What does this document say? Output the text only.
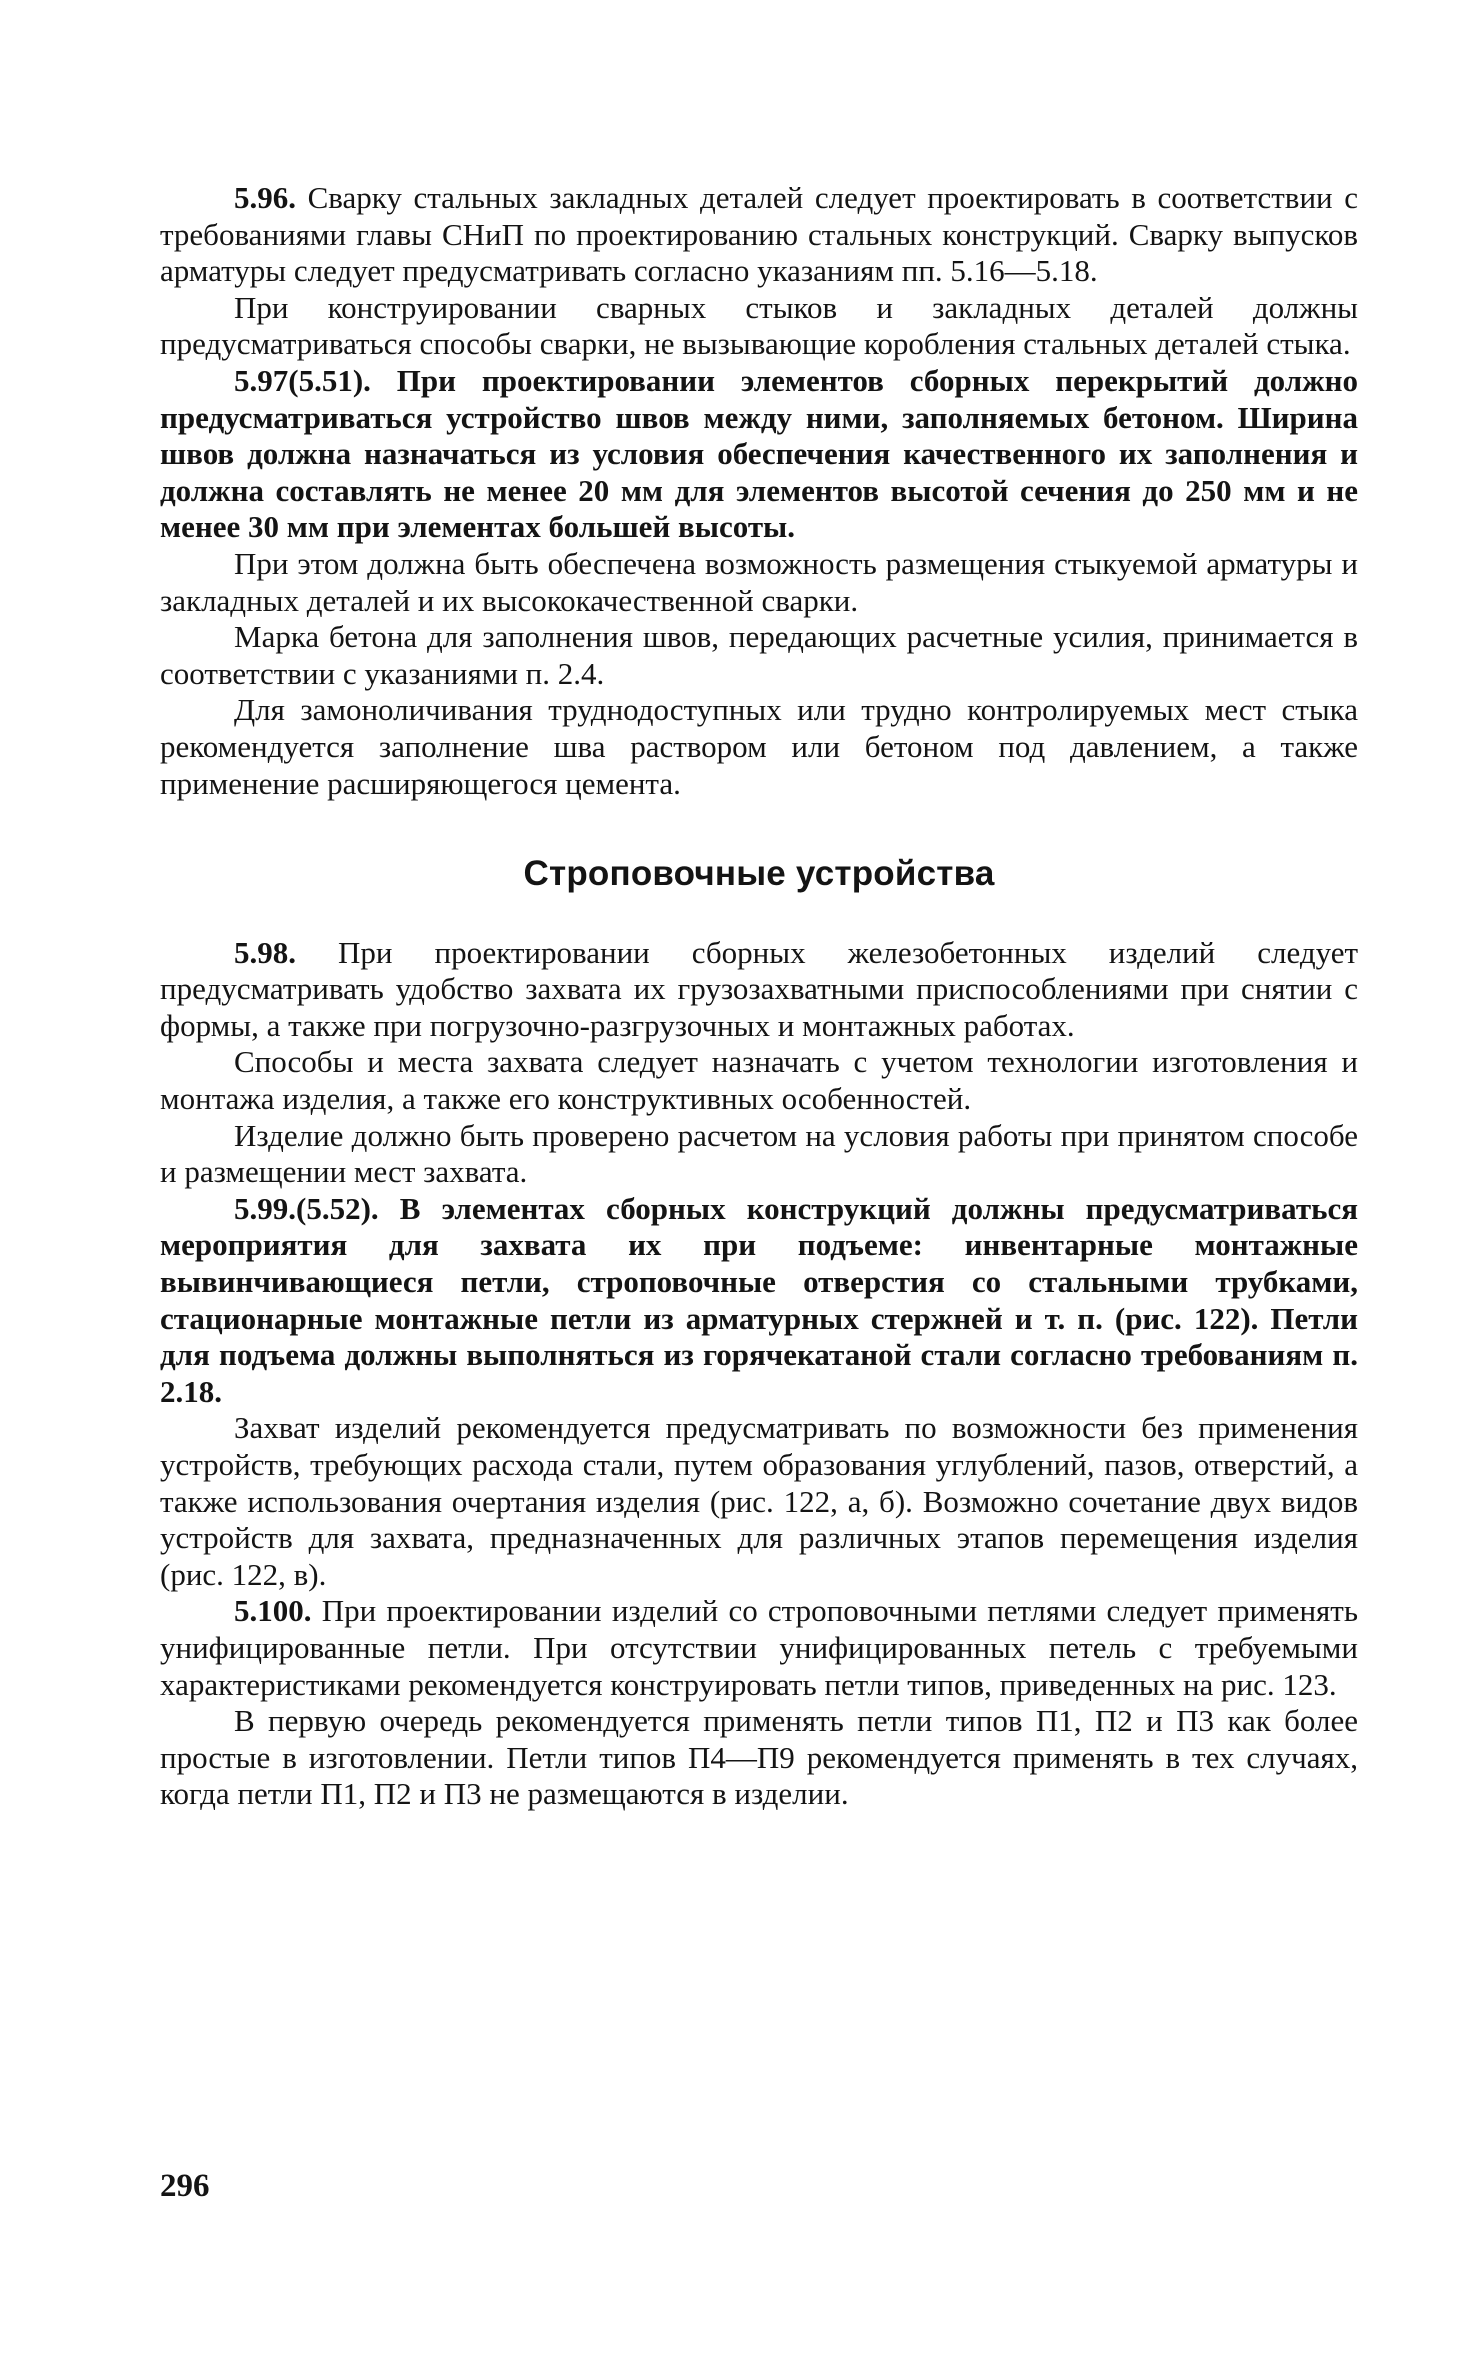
5.96. Сварку стальных закладных деталей следует проектировать в соответствии с требованиями главы СНиП по проектированию стальных конструкций. Сварку выпусков арматуры следует предусматривать согласно указаниям пп. 5.16—5.18.

При конструировании сварных стыков и закладных деталей должны предусматриваться способы сварки, не вызывающие коробления стальных деталей стыка.

5.97(5.51). При проектировании элементов сборных перекрытий должно предусматриваться устройство швов между ними, заполняемых бетоном. Ширина швов должна назначаться из условия обеспечения качественного их заполнения и должна составлять не менее 20 мм для элементов высотой сечения до 250 мм и не менее 30 мм при элементах большей высоты.

При этом должна быть обеспечена возможность размещения стыкуемой арматуры и закладных деталей и их высококачественной сварки.

Марка бетона для заполнения швов, передающих расчетные усилия, принимается в соответствии с указаниями п. 2.4.

Для замоноличивания труднодоступных или трудно контролируемых мест стыка рекомендуется заполнение шва раствором или бетоном под давлением, а также применение расширяющегося цемента.

Строповочные устройства

5.98. При проектировании сборных железобетонных изделий следует предусматривать удобство захвата их грузозахватными приспособлениями при снятии с формы, а также при погрузочно-разгрузочных и монтажных работах.

Способы и места захвата следует назначать с учетом технологии изготовления и монтажа изделия, а также его конструктивных особенностей.

Изделие должно быть проверено расчетом на условия работы при принятом способе и размещении мест захвата.

5.99.(5.52). В элементах сборных конструкций должны предусматриваться мероприятия для захвата их при подъеме: инвентарные монтажные вывинчивающиеся петли, строповочные отверстия со стальными трубками, стационарные монтажные петли из арматурных стержней и т. п. (рис. 122). Петли для подъема должны выполняться из горячекатаной стали согласно требованиям п. 2.18.

Захват изделий рекомендуется предусматривать по возможности без применения устройств, требующих расхода стали, путем образования углублений, пазов, отверстий, а также использования очертания изделия (рис. 122, а, б). Возможно сочетание двух видов устройств для захвата, предназначенных для различных этапов перемещения изделия (рис. 122, в).

5.100. При проектировании изделий со строповочными петлями следует применять унифицированные петли. При отсутствии унифицированных петель с требуемыми характеристиками рекомендуется конструировать петли типов, приведенных на рис. 123.

В первую очередь рекомендуется применять петли типов П1, П2 и П3 как более простые в изготовлении. Петли типов П4—П9 рекомендуется применять в тех случаях, когда петли П1, П2 и П3 не размещаются в изделии.

296
